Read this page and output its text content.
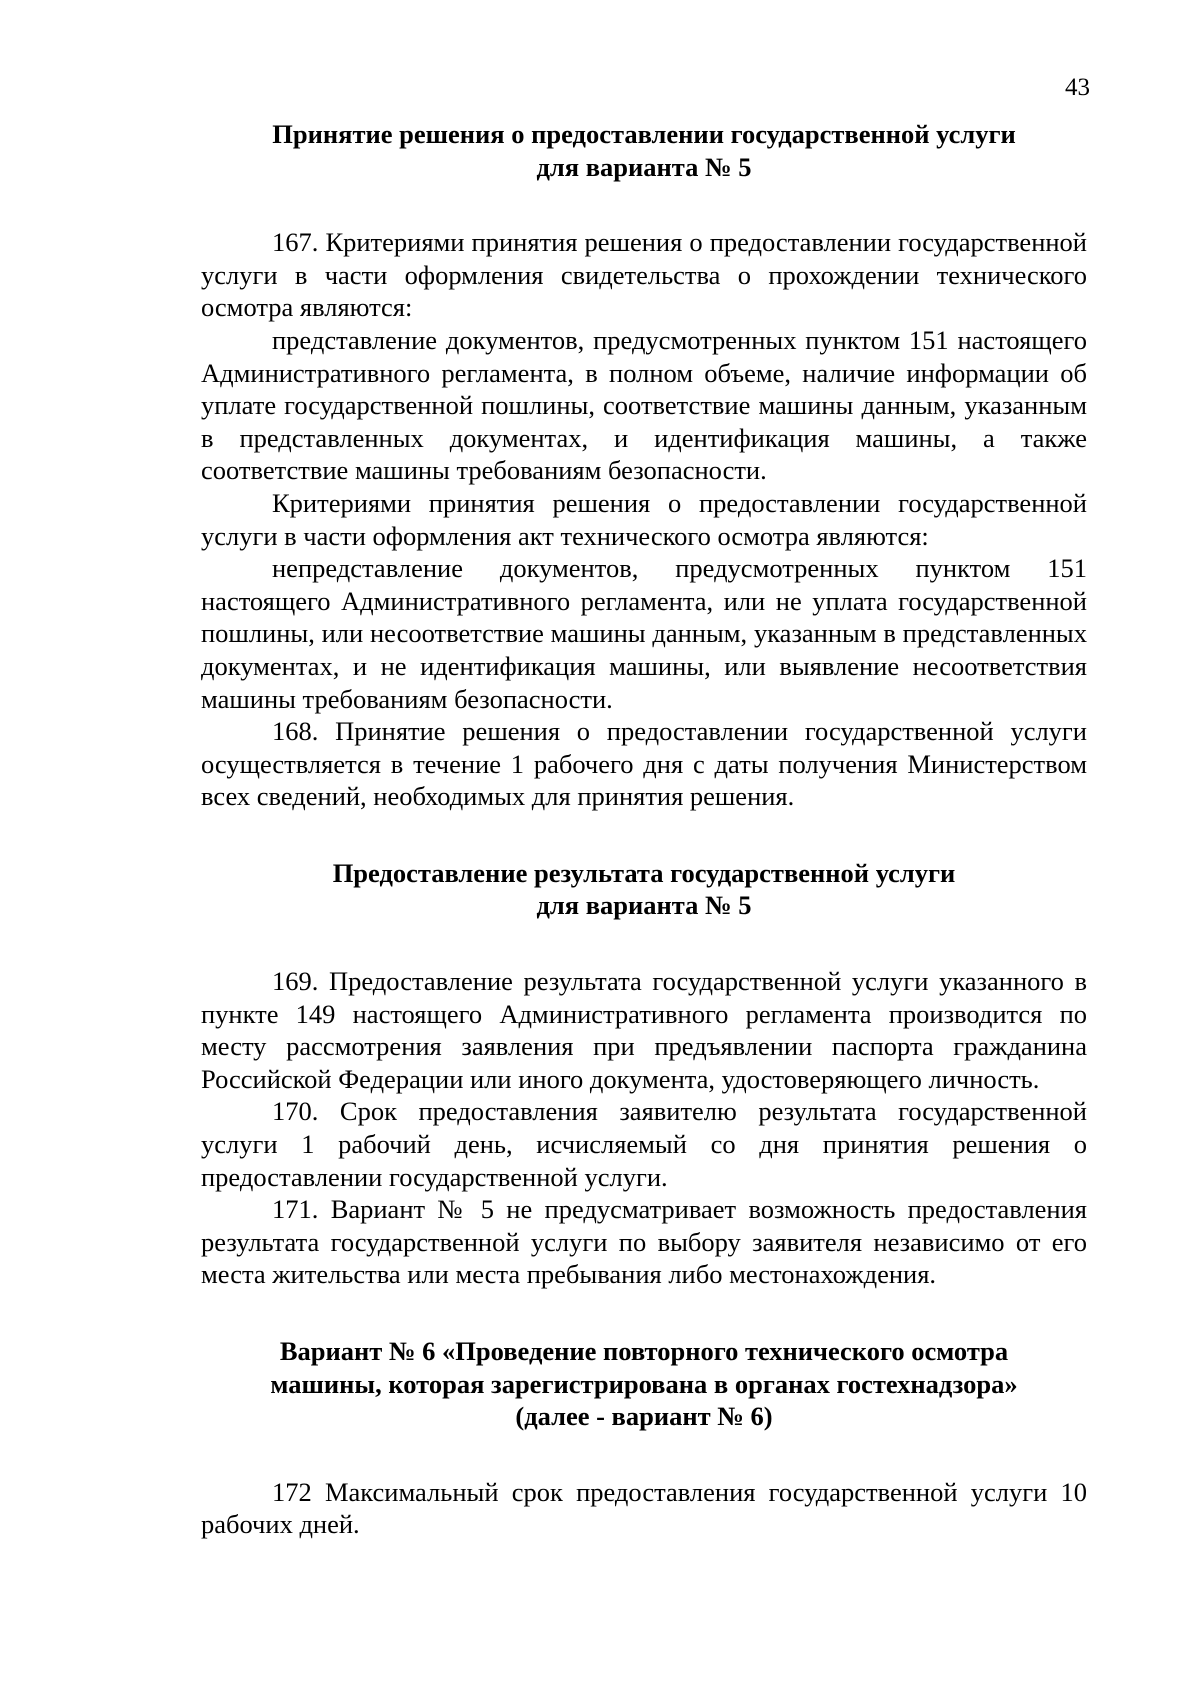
43
Принятие решения о предоставлении государственной услуги
для варианта № 5

167. Критериями принятия решения о предоставлении государственной услуги в части оформления свидетельства о прохождении технического осмотра являются:

представление документов, предусмотренных пунктом 151 настоящего Административного регламента, в полном объеме, наличие информации об уплате государственной пошлины, соответствие машины данным, указанным в представленных документах, и идентификация машины, а также соответствие машины требованиям безопасности.

Критериями принятия решения о предоставлении государственной услуги в части оформления акт технического осмотра являются:

непредставление документов, предусмотренных пунктом 151 настоящего Административного регламента, или не уплата государственной пошлины, или несоответствие машины данным, указанным в представленных документах, и не идентификация машины, или выявление несоответствия машины требованиям безопасности.

168. Принятие решения о предоставлении государственной услуги осуществляется в течение 1 рабочего дня с даты получения Министерством всех сведений, необходимых для принятия решения.

Предоставление результата государственной услуги
для варианта № 5

169. Предоставление результата государственной услуги указанного в пункте 149 настоящего Административного регламента производится по месту рассмотрения заявления при предъявлении паспорта гражданина Российской Федерации или иного документа, удостоверяющего личность.

170. Срок предоставления заявителю результата государственной услуги 1 рабочий день, исчисляемый со дня принятия решения о предоставлении государственной услуги.

171. Вариант № 5 не предусматривает возможность предоставления результата государственной услуги по выбору заявителя независимо от его места жительства или места пребывания либо местонахождения.

Вариант № 6 «Проведение повторного технического осмотра
машины, которая зарегистрирована в органах гостехнадзора»
(далее - вариант № 6)

172 Максимальный срок предоставления государственной услуги 10 рабочих дней.
